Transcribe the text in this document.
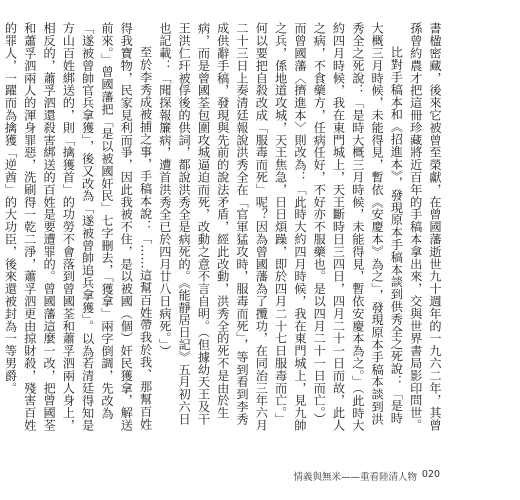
書楹密藏，後來它被曾至榮獻，在曾國藩逝世九十週年的一九六二年，其曾孫曾約農才把這冊珍藏將近百年的手稿本拿出來，交與世界書局影印問世。

比對手稿本和《招進本》，發現原本手稿本談到供秀全之死說：「是時大概三月時候，未能得見，暫依《安慶本》為之」，發現原本手稿本談到洪秀全之死說：「是時大概三月時候，未能得見，暫依安慶本為之。」（此時大約四月時候，我在東門城上，天王斷時日三四日，四月二十一日而故，此人之病，不食藥方，任病任好，不好亦不服藥也。是以四月二十一日而亡。）而曾國藩〈擠進本〉則改為：「此時大約四月時候，我在東門城上，見九帥之兵，係地道攻城，天王焦急，日日煩躁，即於四月二十七日服毒而亡。」何以要把自殺改成「服毒而死」呢？因為曾國藩為了攬功，在同治三年六月二十三日上奏清廷報說洪秀全在「官軍猛攻時，服毒而死」，等到看到李秀成供辭手稿，發現與先前的說法矛盾，經此改動，洪秀全的死不是由於生病，而是曾國荃包圍攻城逼迫而死，改動之意不言自明。（但據幼天王及干王洪仁玕被俘後的供詞，都說洪秀全是病死的。《能靜居日記》五月初六日也記載：「聞探報簾病，遭首洪秀全已於四月廿八日病死。」）

至於李秀成被捕之事，手稿本說：「......這幫百姓帶我於我、那幫百姓得我寶物，民家見利而爭，因此我被不住，是以被國（個）奸民獲拿，解送前來。」曾國藩把「是以被國奸民」七字刪去，「獲拿」兩字倒調，先改為「遂被曾帥官兵拿獲」，後又改為「遂被曾帥追兵拿獲」。以為若清廷得知是方山百姓綁送的，則「擒獲首」的功勞不會落到曾國荃和蕭孚泗兩人身上，相反的，蕭孚泗還殺害綁送的百姓是要遭罪的。曾國藩這麼一改，把曾國荃和蕭孚泗兩人的渾身罪惡，洗刷得一乾二淨，蕭孚泗更由掠財殺，殘害百姓的罪人，一躍而為擒獲「逆酋」的大功臣，後來還被封為一等男爵。

情義與無米——重看陸清人物 020
